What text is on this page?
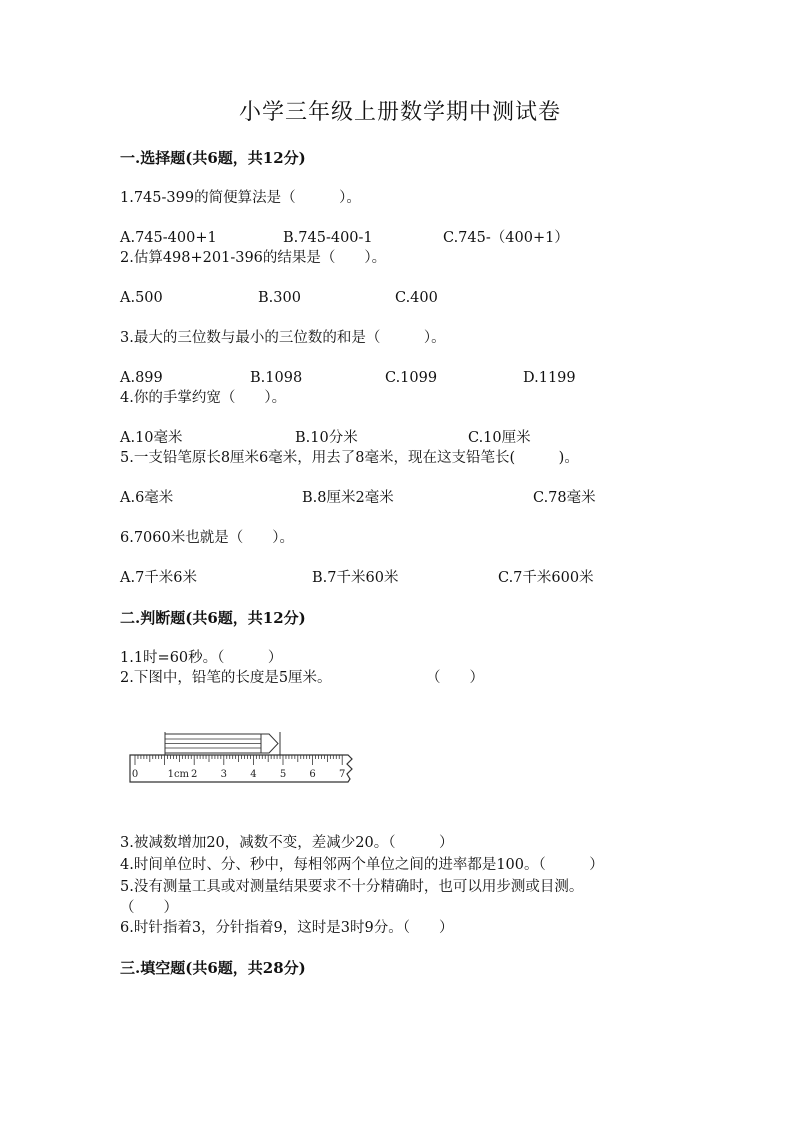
小学三年级上册数学期中测试卷
一.选择题(共6题，共12分)
1.745-399的简便算法是（　　　）。
A.745-400+1	B.745-400-1	C.745-（400+1）
2.估算498+201-396的结果是（　　）。
A.500	B.300	C.400
3.最大的三位数与最小的三位数的和是（　　　）。
A.899	B.1098	C.1099	D.1199
4.你的手掌约宽（　　）。
A.10毫米	B.10分米	C.10厘米
5.一支铅笔原长8厘米6毫米，用去了8毫米，现在这支铅笔长(　　　)。
A.6毫米	B.8厘米2毫米	C.78毫米
6.7060米也就是（　　）。
A.7千米6米	B.7千米60米	C.7千米600米
二.判断题(共6题，共12分)
1.1时=60秒。（　　　）
2.下图中，铅笔的长度是5厘米。	（　　）
0	1cm 2 3 4 5 6 7
3.被减数增加20，减数不变，差减少20。（　　　）
4.时间单位时、分、秒中，每相邻两个单位之间的进率都是100。（　　　）
5.没有测量工具或对测量结果要求不十分精确时，也可以用步测或目测。
（　　）
6.时针指着3，分针指着9，这时是3时9分。（　　）
三.填空题(共6题，共28分)
